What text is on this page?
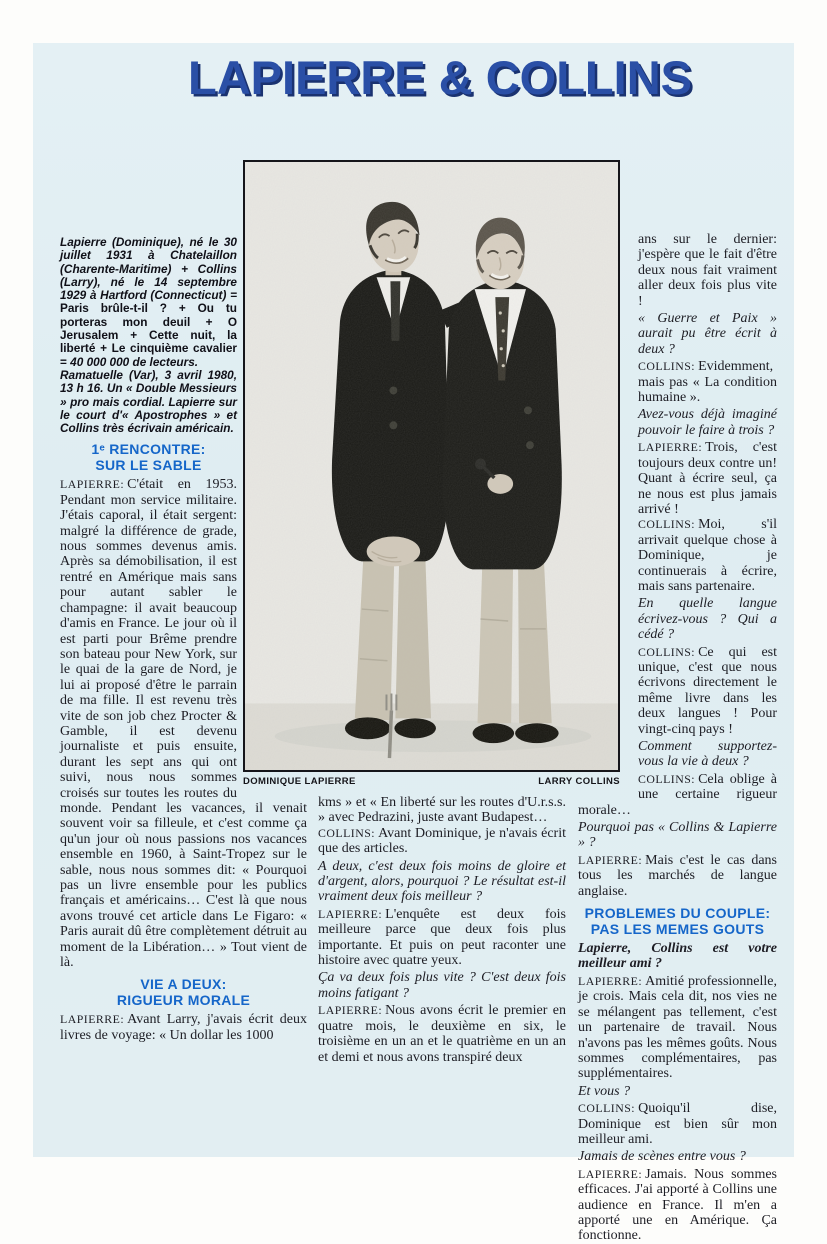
LAPIERRE & COLLINS
DOMINIQUE LAPIERRE	LARRY COLLINS

Lapierre (Dominique), né le 30 juillet 1931 à Chatelaillon (Charente-Maritime) + Collins (Larry), né le 14 septembre 1929 à Hartford (Connecticut) = Paris brûle-t-il ? + Ou tu porteras mon deuil + O Jerusalem + Cette nuit, la liberté + Le cinquième cavalier = 40 000 000 de lecteurs.

Ramatuelle (Var), 3 avril 1980, 13 h 16. Un « Double Messieurs » pro mais cordial. Lapierre sur le court d'« Apostrophes » et Collins très écrivain américain.

1ᵉ RENCONTRE:
SUR LE SABLE

LAPIERRE: C'était en 1953. Pendant mon service militaire. J'étais caporal, il était sergent: malgré la différence de grade, nous sommes devenus amis. Après sa démobilisation, il est rentré en Amérique mais sans pour autant sabler le champagne: il avait beaucoup d'amis en France. Le jour où il est parti pour Brême prendre son bateau pour New York, sur le quai de la gare de Nord, je lui ai proposé d'être le parrain de ma fille. Il est revenu très vite de son job chez Procter & Gamble, il est devenu journaliste et puis ensuite, durant les sept ans qui ont suivi, nous nous sommes croisés sur toutes les routes du monde. Pendant les vacances, il venait souvent voir sa filleule, et c'est comme ça qu'un jour où nous passions nos vacances ensemble en 1960, à Saint-Tropez sur le sable, nous nous sommes dit: « Pourquoi pas un livre ensemble pour les publics français et américains… C'est là que nous avons trouvé cet article dans Le Figaro: « Paris aurait dû être complètement détruit au moment de la Libération… » Tout vient de là.

VIE A DEUX:
RIGUEUR MORALE

LAPIERRE: Avant Larry, j'avais écrit deux livres de voyage: « Un dollar les 1000

kms » et « En liberté sur les routes d'U.r.s.s. » avec Pedrazini, juste avant Budapest…

COLLINS: Avant Dominique, je n'avais écrit que des articles.

A deux, c'est deux fois moins de gloire et d'argent, alors, pourquoi ? Le résultat est-il vraiment deux fois meilleur ?

LAPIERRE: L'enquête est deux fois meilleure parce que deux fois plus importante. Et puis on peut raconter une histoire avec quatre yeux.

Ça va deux fois plus vite ? C'est deux fois moins fatigant ?

LAPIERRE: Nous avons écrit le premier en quatre mois, le deuxième en six, le troisième en un an et le quatrième en un an et demi et nous avons transpiré deux

ans sur le dernier: j'espère que le fait d'être deux nous fait vraiment aller deux fois plus vite !

« Guerre et Paix » aurait pu être écrit à deux ?

COLLINS: Evidemment, mais pas « La condition humaine ».

Avez-vous déjà imaginé pouvoir le faire à trois ?

LAPIERRE: Trois, c'est toujours deux contre un! Quant à écrire seul, ça ne nous est plus jamais arrivé !

COLLINS: Moi, s'il arrivait quelque chose à Dominique, je continuerais à écrire, mais sans partenaire.

En quelle langue écrivez-vous ? Qui a cédé ?

COLLINS: Ce qui est unique, c'est que nous écrivons directement le même livre dans les deux langues ! Pour vingt-cinq pays !

Comment supportez-vous la vie à deux ?

COLLINS: Cela oblige à une certaine rigueur morale…

Pourquoi pas « Collins & Lapierre » ?

LAPIERRE: Mais c'est le cas dans tous les marchés de langue anglaise.

PROBLEMES DU COUPLE:
PAS LES MEMES GOUTS

Lapierre, Collins est votre meilleur ami ?

LAPIERRE: Amitié professionnelle, je crois. Mais cela dit, nos vies ne se mélangent pas tellement, c'est un partenaire de travail. Nous n'avons pas les mêmes goûts. Nous sommes complémentaires, pas supplémentaires.

Et vous ?

COLLINS: Quoiqu'il dise, Dominique est bien sûr mon meilleur ami.

Jamais de scènes entre vous ?

LAPIERRE: Jamais. Nous sommes efficaces. J'ai apporté à Collins une audience en France. Il m'en a apporté une en Amérique. Ça fonctionne.
